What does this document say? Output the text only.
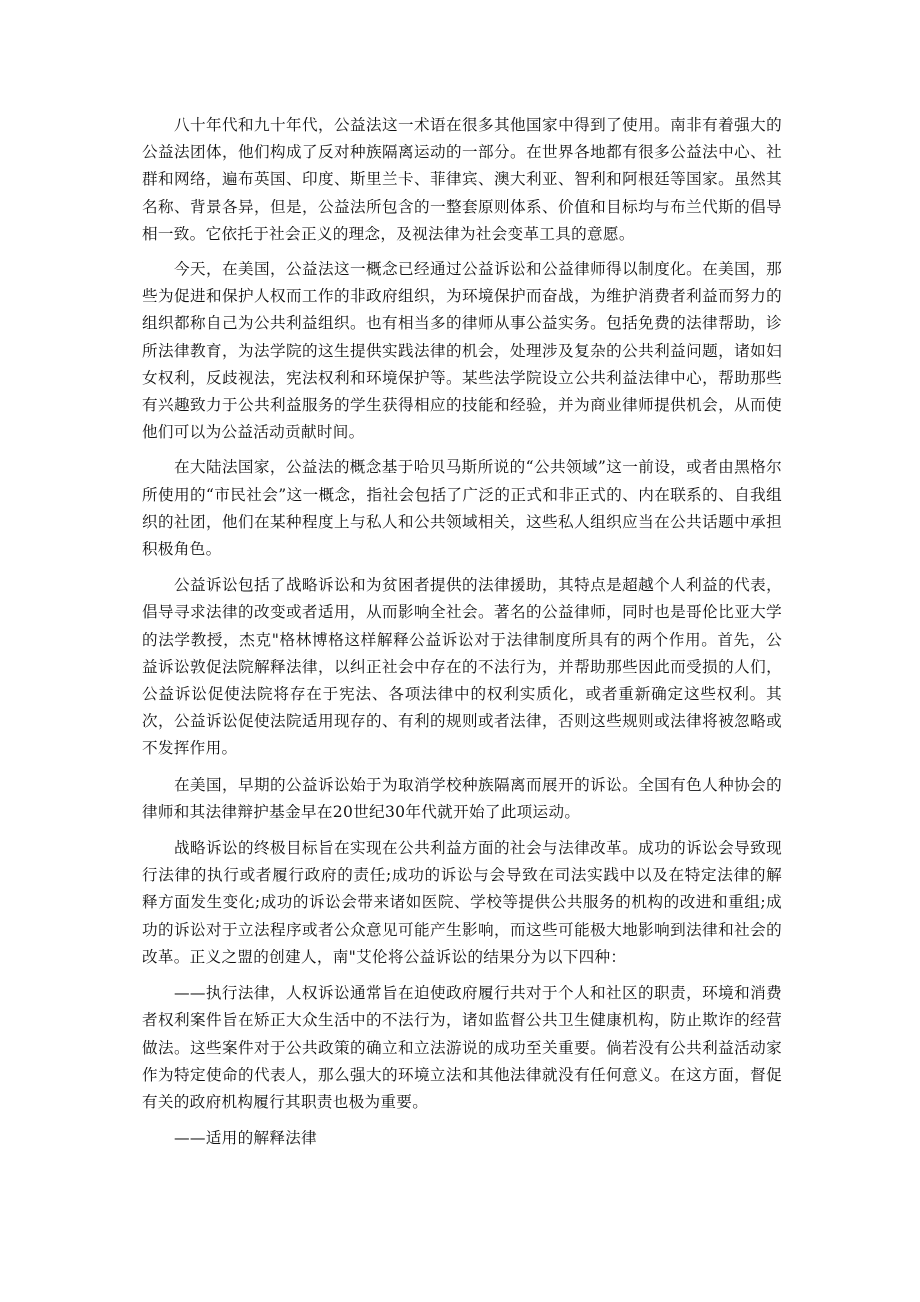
八十年代和九十年代，公益法这一术语在很多其他国家中得到了使用。南非有着强大的公益法团体，他们构成了反对种族隔离运动的一部分。在世界各地都有很多公益法中心、社群和网络，遍布英国、印度、斯里兰卡、菲律宾、澳大利亚、智利和阿根廷等国家。虽然其名称、背景各异，但是，公益法所包含的一整套原则体系、价值和目标均与布兰代斯的倡导相一致。它依托于社会正义的理念，及视法律为社会变革工具的意愿。

今天，在美国，公益法这一概念已经通过公益诉讼和公益律师得以制度化。在美国，那些为促进和保护人权而工作的非政府组织，为环境保护而奋战，为维护消费者利益而努力的组织都称自己为公共利益组织。也有相当多的律师从事公益实务。包括免费的法律帮助，诊所法律教育，为法学院的这生提供实践法律的机会，处理涉及复杂的公共利益问题，诸如妇女权利，反歧视法，宪法权利和环境保护等。某些法学院设立公共利益法律中心，帮助那些有兴趣致力于公共利益服务的学生获得相应的技能和经验，并为商业律师提供机会，从而使他们可以为公益活动贡献时间。

在大陆法国家，公益法的概念基于哈贝马斯所说的“公共领域”这一前设，或者由黑格尔所使用的“市民社会”这一概念，指社会包括了广泛的正式和非正式的、内在联系的、自我组织的社团，他们在某种程度上与私人和公共领域相关，这些私人组织应当在公共话题中承担积极角色。

公益诉讼包括了战略诉讼和为贫困者提供的法律援助，其特点是超越个人利益的代表，倡导寻求法律的改变或者适用，从而影响全社会。著名的公益律师，同时也是哥伦比亚大学的法学教授，杰克"格林博格这样解释公益诉讼对于法律制度所具有的两个作用。首先，公益诉讼敦促法院解释法律，以纠正社会中存在的不法行为，并帮助那些因此而受损的人们，公益诉讼促使法院将存在于宪法、各项法律中的权利实质化，或者重新确定这些权利。其次，公益诉讼促使法院适用现存的、有利的规则或者法律，否则这些规则或法律将被忽略或不发挥作用。

在美国，早期的公益诉讼始于为取消学校种族隔离而展开的诉讼。全国有色人种协会的律师和其法律辩护基金早在20世纪30年代就开始了此项运动。

战略诉讼的终极目标旨在实现在公共利益方面的社会与法律改革。成功的诉讼会导致现行法律的执行或者履行政府的责任;成功的诉讼与会导致在司法实践中以及在特定法律的解释方面发生变化;成功的诉讼会带来诸如医院、学校等提供公共服务的机构的改进和重组;成功的诉讼对于立法程序或者公众意见可能产生影响，而这些可能极大地影响到法律和社会的改革。正义之盟的创建人，南"艾伦将公益诉讼的结果分为以下四种：

——执行法律，人权诉讼通常旨在迫使政府履行共对于个人和社区的职责，环境和消费者权利案件旨在矫正大众生活中的不法行为，诸如监督公共卫生健康机构，防止欺诈的经营做法。这些案件对于公共政策的确立和立法游说的成功至关重要。倘若没有公共利益活动家作为特定使命的代表人，那么强大的环境立法和其他法律就没有任何意义。在这方面，督促有关的政府机构履行其职责也极为重要。

——适用的解释法律
